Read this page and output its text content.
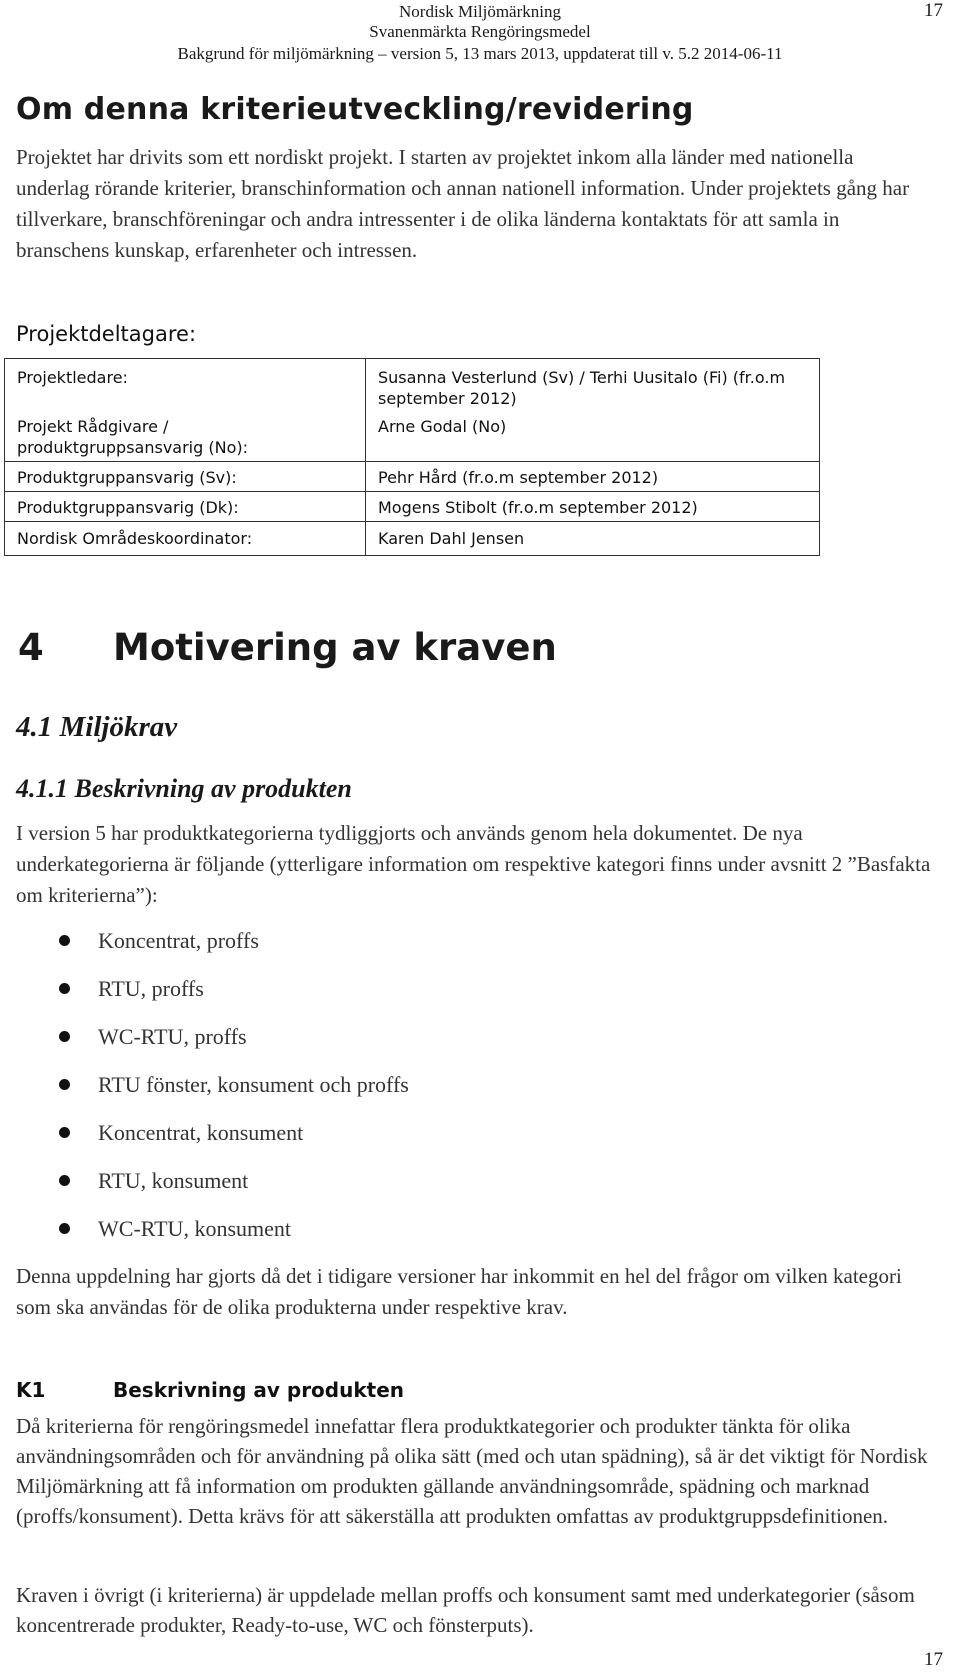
Nordisk Miljömärkning
Svanenmärkta Rengöringsmedel
Bakgrund för miljömärkning – version 5, 13 mars 2013, uppdaterat till v. 5.2 2014-06-11
17
Om denna kriterieutveckling/revidering
Projektet har drivits som ett nordiskt projekt. I starten av projektet inkom alla länder med nationella underlag rörande kriterier, branschinformation och annan nationell information. Under projektets gång har tillverkare, branschföreningar och andra intressenter i de olika länderna kontaktats för att samla in branschens kunskap, erfarenheter och intressen.
Projektdeltagare:
Projektledare:	Susanna Vesterlund (Sv) / Terhi Uusitalo (Fi) (fr.o.m september 2012)
Projekt Rådgivare / produktgruppsansvarig (No):	Arne Godal (No)
Produktgruppansvarig (Sv):	Pehr Hård (fr.o.m september 2012)
Produktgruppansvarig (Dk):	Mogens Stibolt (fr.o.m september 2012)
Nordisk Områdeskoordinator:	Karen Dahl Jensen
4 Motivering av kraven
4.1 Miljökrav
4.1.1 Beskrivning av produkten
I version 5 har produktkategorierna tydliggjorts och används genom hela dokumentet. De nya underkategorierna är följande (ytterligare information om respektive kategori finns under avsnitt 2 ”Basfakta om kriterierna”):
Koncentrat, proffs
RTU, proffs
WC-RTU, proffs
RTU fönster, konsument och proffs
Koncentrat, konsument
RTU, konsument
WC-RTU, konsument
Denna uppdelning har gjorts då det i tidigare versioner har inkommit en hel del frågor om vilken kategori som ska användas för de olika produkterna under respektive krav.
K1	Beskrivning av produkten
Då kriterierna för rengöringsmedel innefattar flera produktkategorier och produkter tänkta för olika användningsområden och för användning på olika sätt (med och utan spädning), så är det viktigt för Nordisk Miljömärkning att få information om produkten gällande användningsområde, spädning och marknad (proffs/konsument). Detta krävs för att säkerställa att produkten omfattas av produktgruppsdefinitionen.
Kraven i övrigt (i kriterierna) är uppdelade mellan proffs och konsument samt med underkategorier (såsom koncentrerade produkter, Ready-to-use, WC och fönsterputs).
17
